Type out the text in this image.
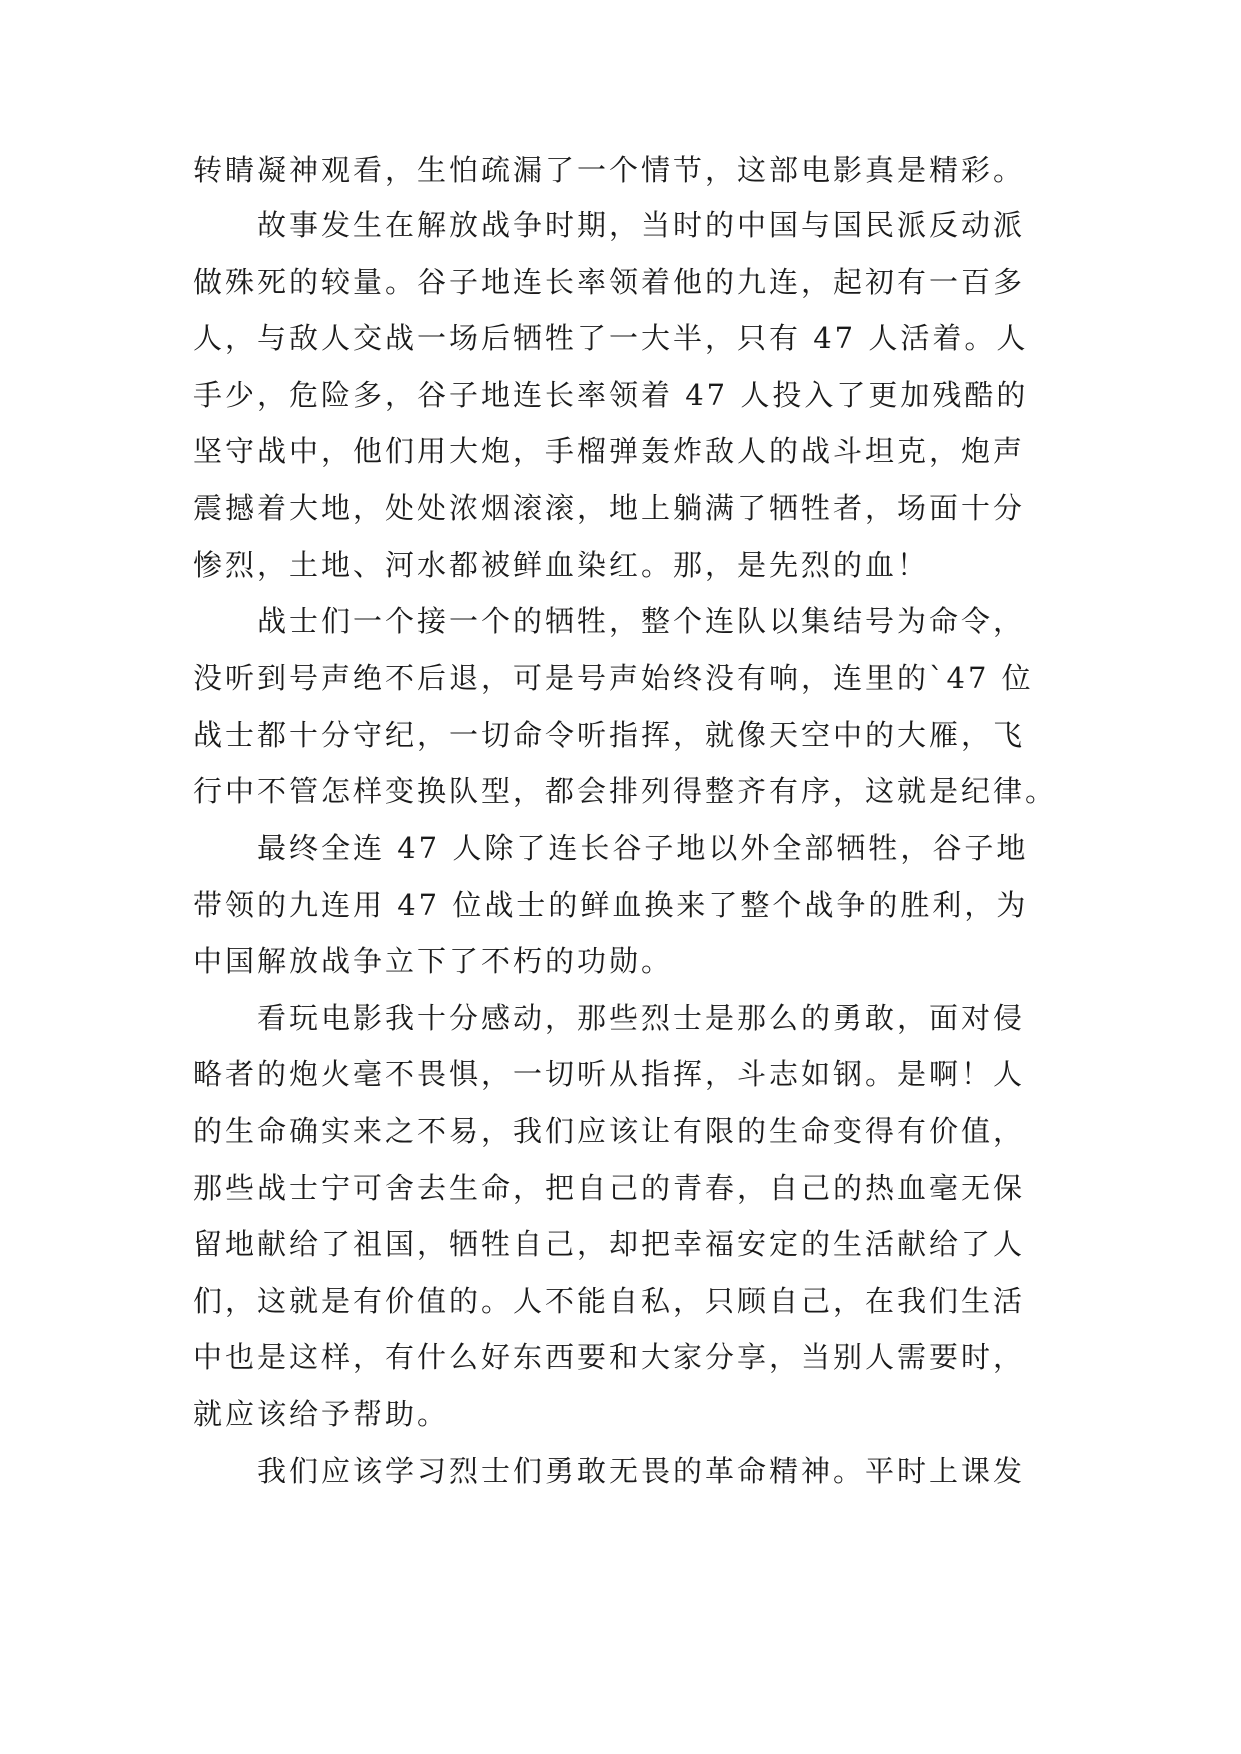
转睛凝神观看，生怕疏漏了一个情节，这部电影真是精彩。
故事发生在解放战争时期，当时的中国与国民派反动派
做殊死的较量。谷子地连长率领着他的九连，起初有一百多
人，与敌人交战一场后牺牲了一大半，只有 47 人活着。人
手少，危险多，谷子地连长率领着 47 人投入了更加残酷的
坚守战中，他们用大炮，手榴弹轰炸敌人的战斗坦克，炮声
震撼着大地，处处浓烟滚滚，地上躺满了牺牲者，场面十分
惨烈，土地、河水都被鲜血染红。那，是先烈的血！
战士们一个接一个的牺牲，整个连队以集结号为命令，
没听到号声绝不后退，可是号声始终没有响，连里的`47 位
战士都十分守纪，一切命令听指挥，就像天空中的大雁，飞
行中不管怎样变换队型，都会排列得整齐有序，这就是纪律。
最终全连 47 人除了连长谷子地以外全部牺牲，谷子地
带领的九连用 47 位战士的鲜血换来了整个战争的胜利，为
中国解放战争立下了不朽的功勋。
看玩电影我十分感动，那些烈士是那么的勇敢，面对侵
略者的炮火毫不畏惧，一切听从指挥，斗志如钢。是啊！人
的生命确实来之不易，我们应该让有限的生命变得有价值，
那些战士宁可舍去生命，把自己的青春，自己的热血毫无保
留地献给了祖国，牺牲自己，却把幸福安定的生活献给了人
们，这就是有价值的。人不能自私，只顾自己，在我们生活
中也是这样，有什么好东西要和大家分享，当别人需要时，
就应该给予帮助。
我们应该学习烈士们勇敢无畏的革命精神。平时上课发
